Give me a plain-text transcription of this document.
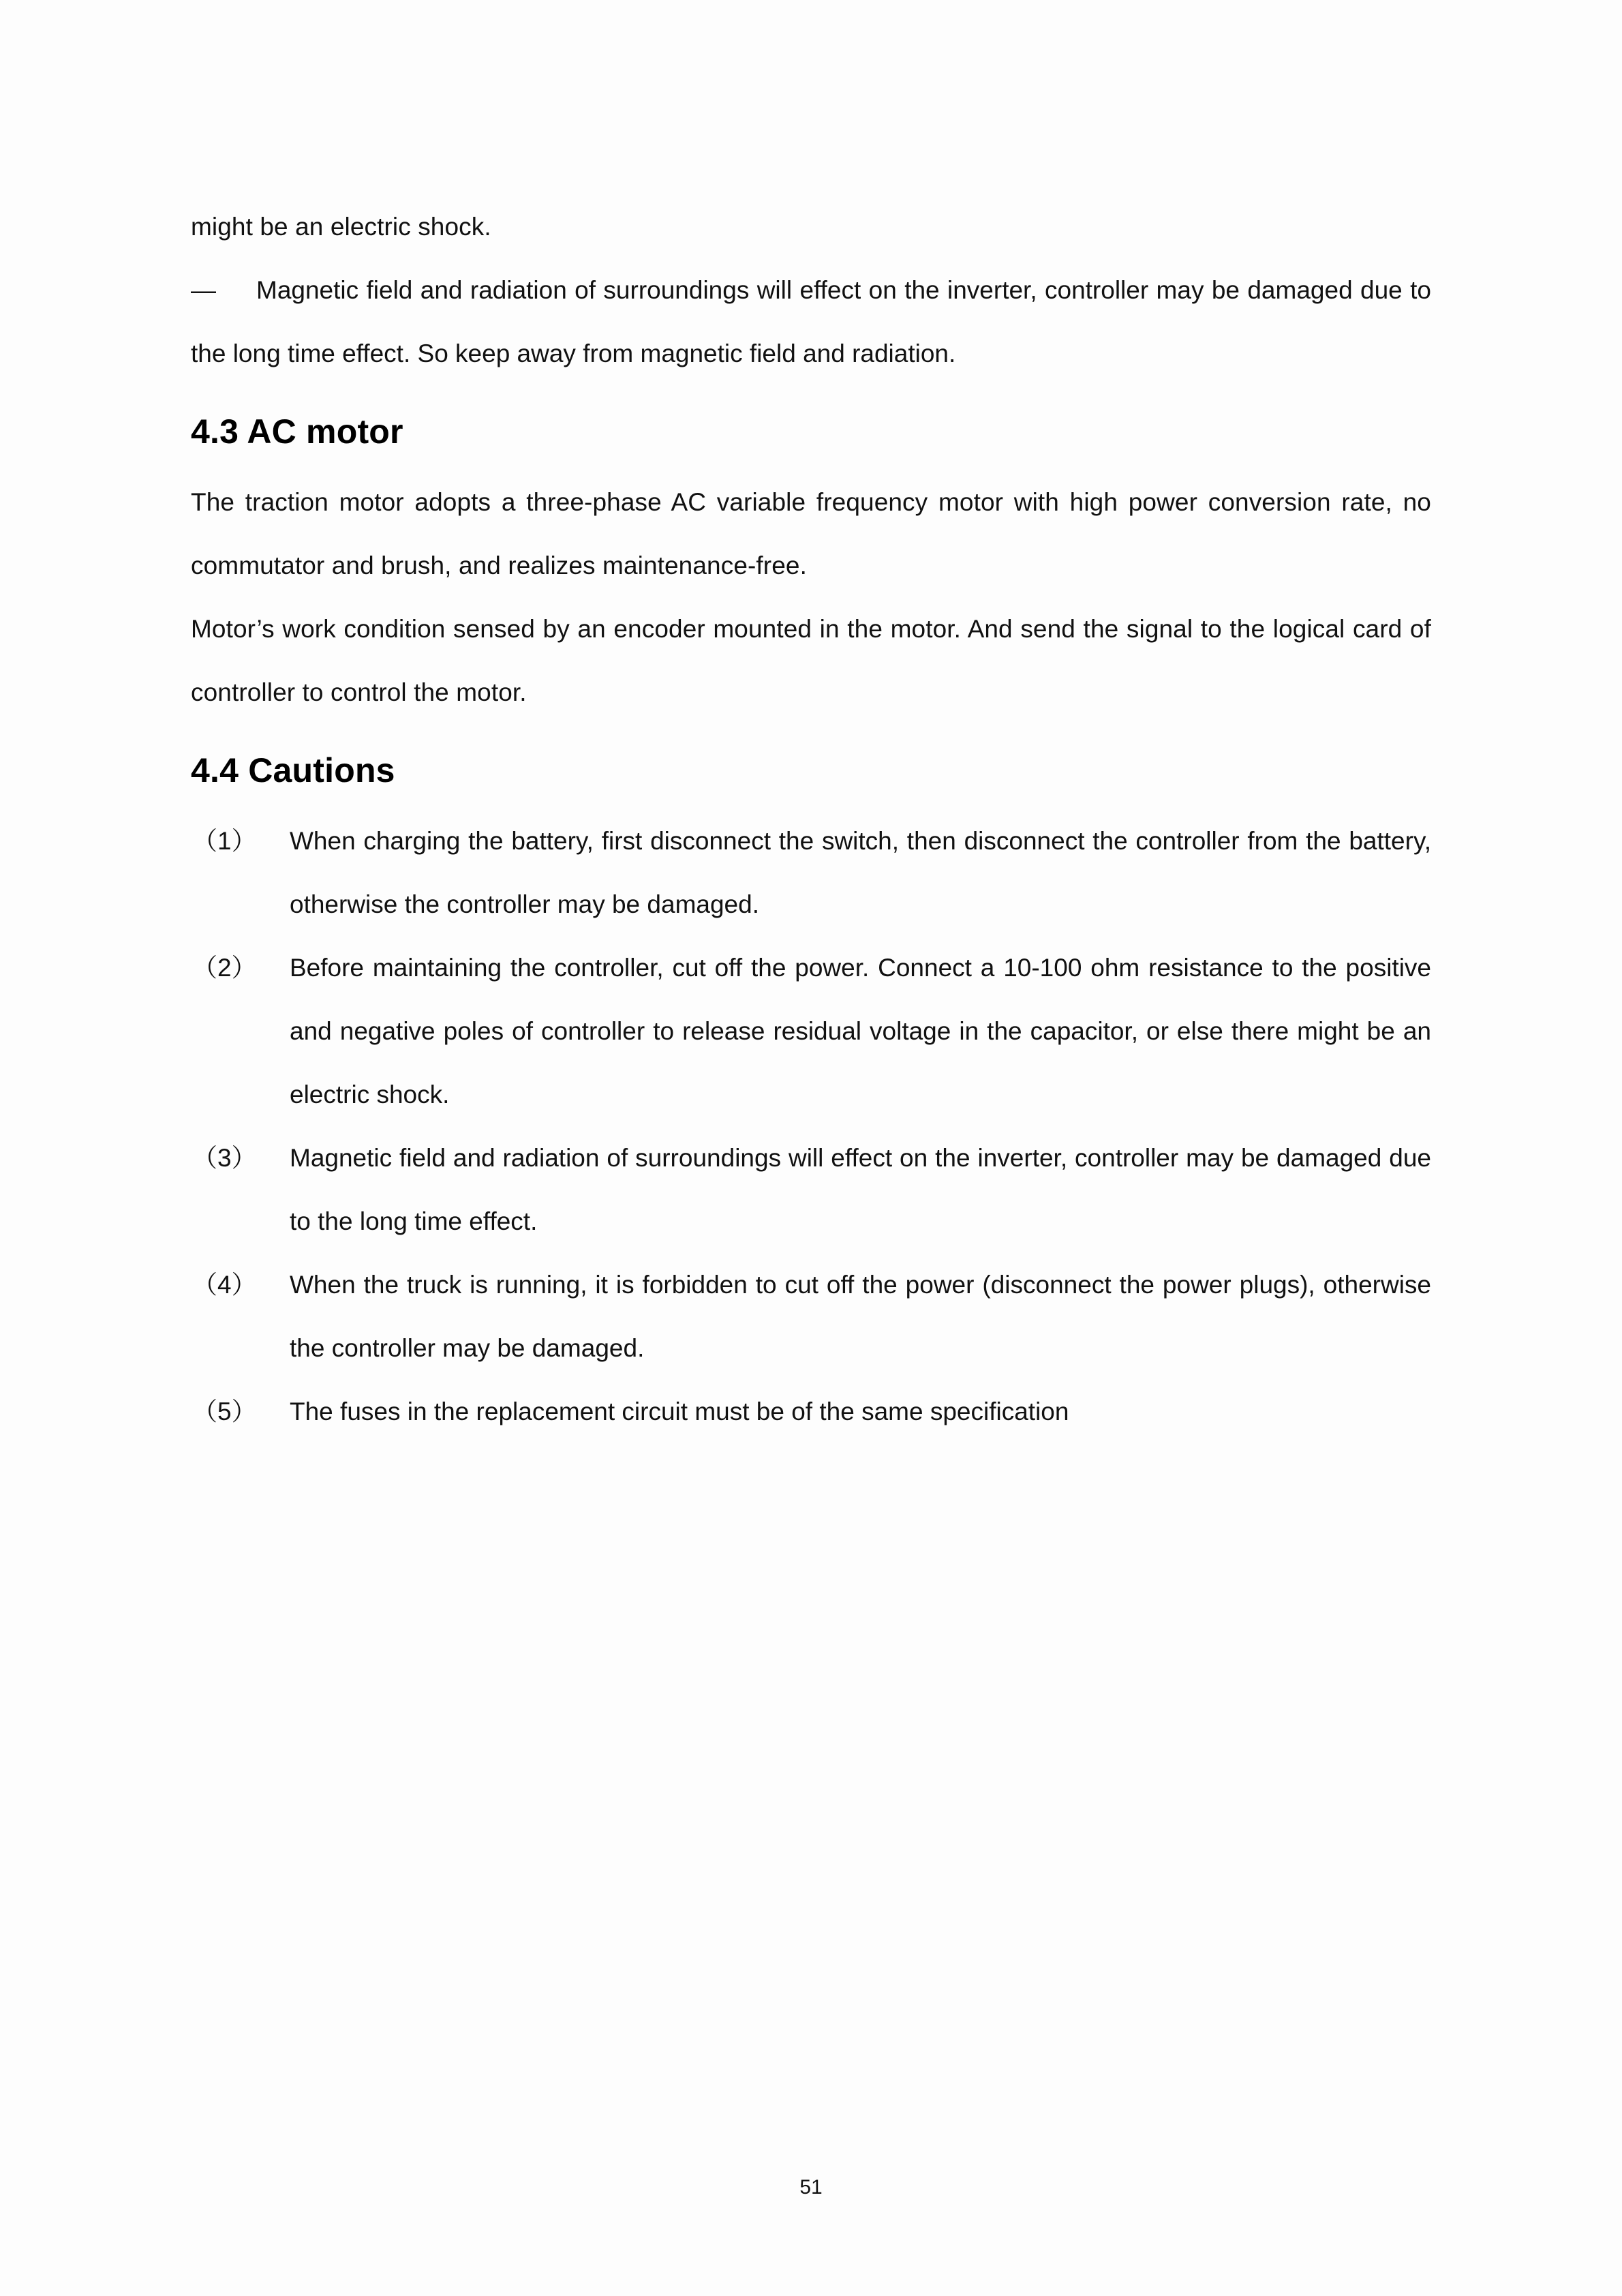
might be an electric shock.

— Magnetic field and radiation of surroundings will effect on the inverter, controller may be damaged due to the long time effect. So keep away from magnetic field and radiation.

4.3 AC motor

The traction motor adopts a three-phase AC variable frequency motor with high power conversion rate, no commutator and brush, and realizes maintenance-free.

Motor’s work condition sensed by an encoder mounted in the motor. And send the signal to the logical card of controller to control the motor.

4.4 Cautions
（1）	When charging the battery, first disconnect the switch, then disconnect the controller from the battery, otherwise the controller may be damaged.
（2）	Before maintaining the controller, cut off the power. Connect a 10-100 ohm resistance to the positive and negative poles of controller to release residual voltage in the capacitor, or else there might be an electric shock.
（3）	Magnetic field and radiation of surroundings will effect on the inverter, controller may be damaged due to the long time effect.
（4）	When the truck is running, it is forbidden to cut off the power (disconnect the power plugs), otherwise the controller may be damaged.
（5）	The fuses in the replacement circuit must be of the same specification
51
